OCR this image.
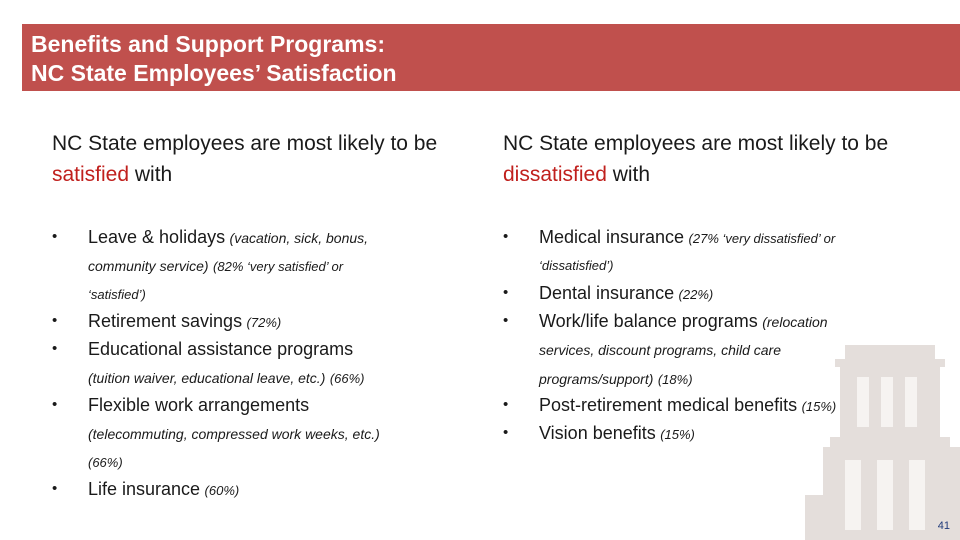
Benefits and Support Programs:
NC State Employees’ Satisfaction
NC State employees are most likely to be satisfied with
• Leave & holidays (vacation, sick, bonus,
community service) (82% ‘very satisfied’ or
‘satisfied’)
• Retirement savings (72%)
• Educational assistance programs
(tuition waiver, educational leave, etc.) (66%)
• Flexible work arrangements
(telecommuting, compressed work weeks, etc.)
(66%)
• Life insurance (60%)
NC State employees are most likely to be dissatisfied with
• Medical insurance (27% ‘very dissatisfied’ or
‘dissatisfied’)
• Dental insurance (22%)
• Work/life balance programs (relocation
services, discount programs, child care
programs/support) (18%)
• Post-retirement medical benefits (15%)
• Vision benefits (15%)
41
